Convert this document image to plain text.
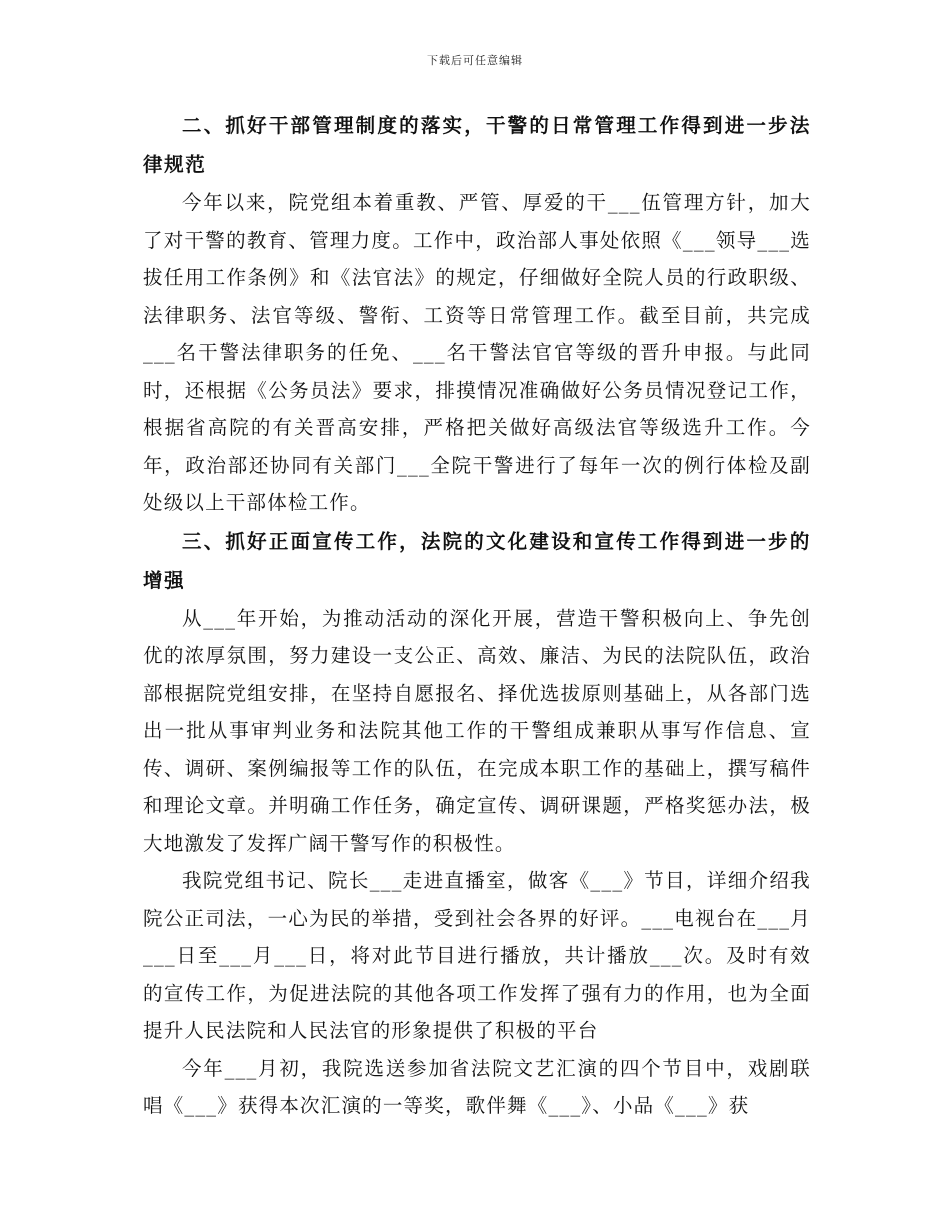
下载后可任意编辑
二、抓好干部管理制度的落实，干警的日常管理工作得到进一步法律规范

今年以来，院党组本着重教、严管、厚爱的干___伍管理方针，加大了对干警的教育、管理力度。工作中，政治部人事处依照《___领导___选拔任用工作条例》和《法官法》的规定，仔细做好全院人员的行政职级、法律职务、法官等级、警衔、工资等日常管理工作。截至目前，共完成___名干警法律职务的任免、___名干警法官官等级的晋升申报。与此同时，还根据《公务员法》要求，排摸情况准确做好公务员情况登记工作，根据省高院的有关晋高安排，严格把关做好高级法官等级选升工作。今年，政治部还协同有关部门___全院干警进行了每年一次的例行体检及副处级以上干部体检工作。

三、抓好正面宣传工作，法院的文化建设和宣传工作得到进一步的增强

从___年开始，为推动活动的深化开展，营造干警积极向上、争先创优的浓厚氛围，努力建设一支公正、高效、廉洁、为民的法院队伍，政治部根据院党组安排，在坚持自愿报名、择优选拔原则基础上，从各部门选出一批从事审判业务和法院其他工作的干警组成兼职从事写作信息、宣传、调研、案例编报等工作的队伍，在完成本职工作的基础上，撰写稿件和理论文章。并明确工作任务，确定宣传、调研课题，严格奖惩办法，极大地激发了发挥广阔干警写作的积极性。

我院党组书记、院长___走进直播室，做客《___》节目，详细介绍我院公正司法，一心为民的举措，受到社会各界的好评。___电视台在___月___日至___月___日，将对此节目进行播放，共计播放___次。及时有效的宣传工作，为促进法院的其他各项工作发挥了强有力的作用，也为全面提升人民法院和人民法官的形象提供了积极的平台

今年___月初，我院选送参加省法院文艺汇演的四个节目中，戏剧联唱《___》获得本次汇演的一等奖，歌伴舞《___》、小品《___》获
